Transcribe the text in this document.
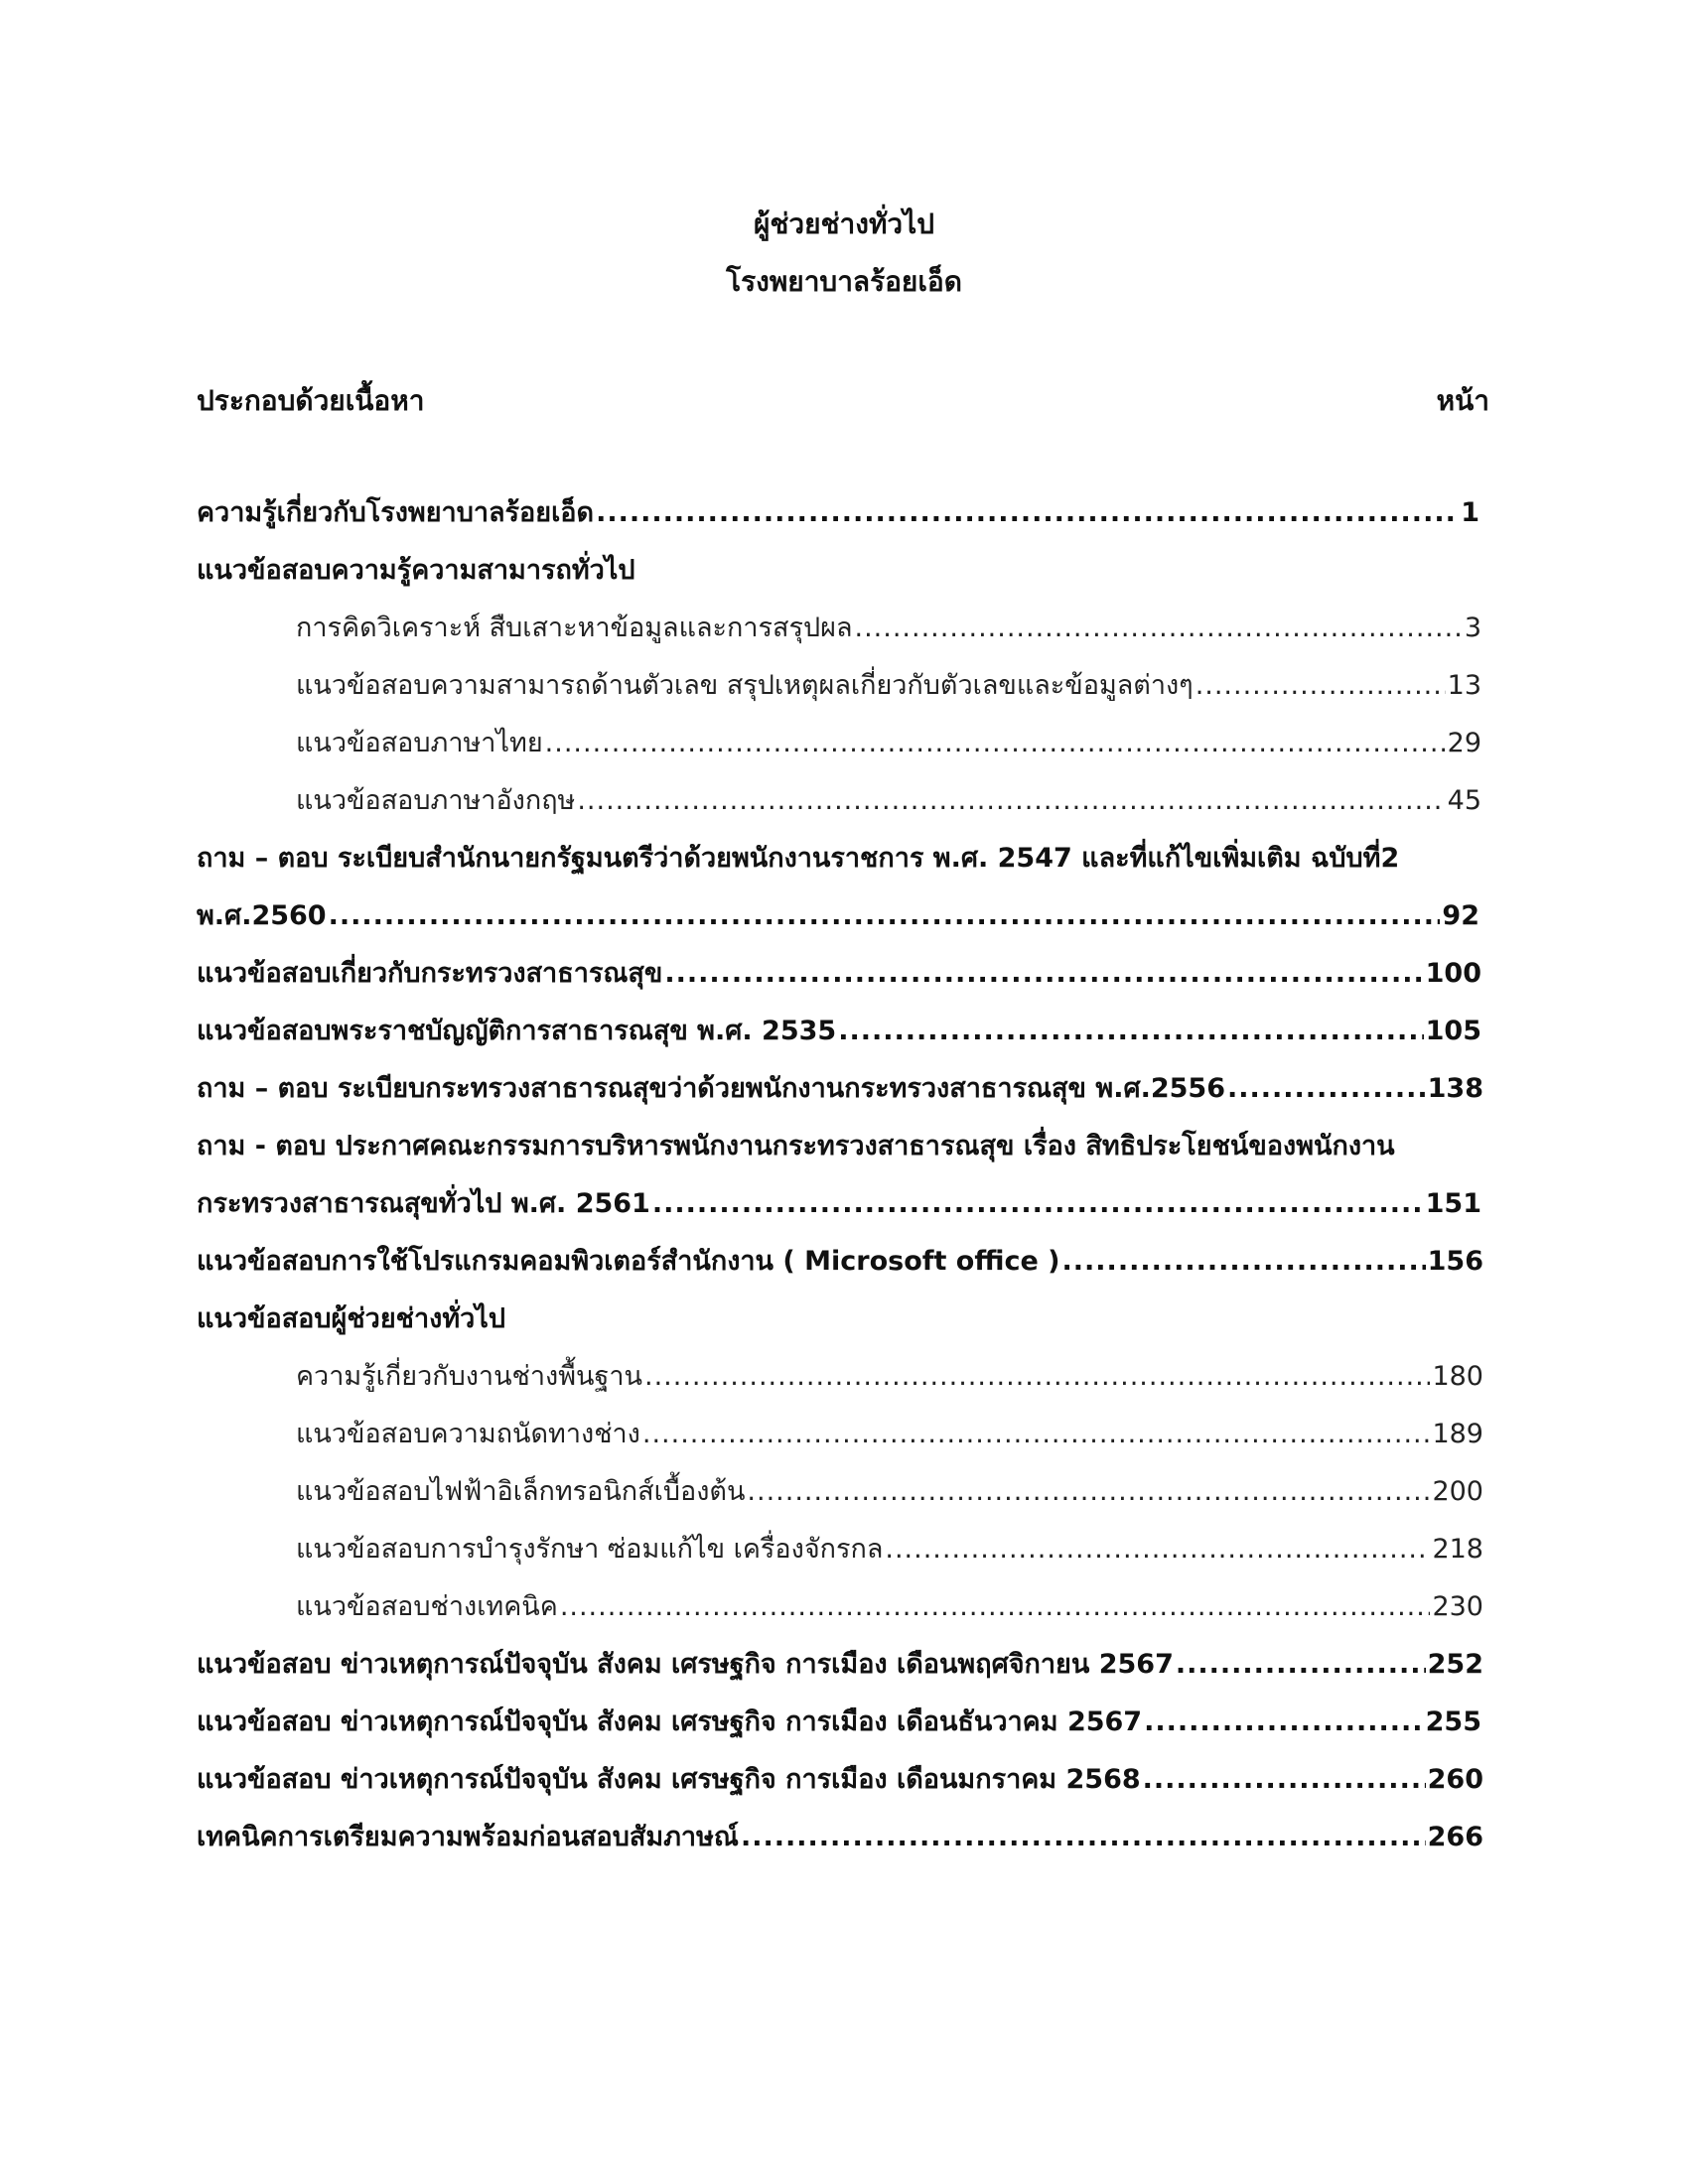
ผู้ช่วยช่างทั่วไป
โรงพยาบาลร้อยเอ็ด
ประกอบด้วยเนื้อหา	หน้า
ความรู้เกี่ยวกับโรงพยาบาลร้อยเอ็ด .....	1
แนวข้อสอบความรู้ความสามารถทั่วไป
การคิดวิเคราะห์ สืบเสาะหาข้อมูลและการสรุปผล .....	3
แนวข้อสอบความสามารถด้านตัวเลข สรุปเหตุผลเกี่ยวกับตัวเลขและข้อมูลต่างๆ .....	13
แนวข้อสอบภาษาไทย .....	29
แนวข้อสอบภาษาอังกฤษ .....	45
ถาม – ตอบ ระเบียบสำนักนายกรัฐมนตรีว่าด้วยพนักงานราชการ พ.ศ. 2547 และที่แก้ไขเพิ่มเติม ฉบับที่2
พ.ศ.2560 .....	92
แนวข้อสอบเกี่ยวกับกระทรวงสาธารณสุข .....	100
แนวข้อสอบพระราชบัญญัติการสาธารณสุข พ.ศ. 2535 .....	105
ถาม – ตอบ ระเบียบกระทรวงสาธารณสุขว่าด้วยพนักงานกระทรวงสาธารณสุข พ.ศ.2556 .....	138
ถาม - ตอบ ประกาศคณะกรรมการบริหารพนักงานกระทรวงสาธารณสุข เรื่อง สิทธิประโยชน์ของพนักงาน
กระทรวงสาธารณสุขทั่วไป พ.ศ. 2561 .....	151
แนวข้อสอบการใช้โปรแกรมคอมพิวเตอร์สำนักงาน ( Microsoft office ) .....	156
แนวข้อสอบผู้ช่วยช่างทั่วไป
ความรู้เกี่ยวกับงานช่างพื้นฐาน .....	180
แนวข้อสอบความถนัดทางช่าง .....	189
แนวข้อสอบไฟฟ้าอิเล็กทรอนิกส์เบื้องต้น .....	200
แนวข้อสอบการบำรุงรักษา ซ่อมแก้ไข เครื่องจักรกล .....	218
แนวข้อสอบช่างเทคนิค .....	230
แนวข้อสอบ ข่าวเหตุการณ์ปัจจุบัน สังคม เศรษฐกิจ การเมือง เดือนพฤศจิกายน 2567 .....	252
แนวข้อสอบ ข่าวเหตุการณ์ปัจจุบัน สังคม เศรษฐกิจ การเมือง เดือนธันวาคม 2567 .....	255
แนวข้อสอบ ข่าวเหตุการณ์ปัจจุบัน สังคม เศรษฐกิจ การเมือง เดือนมกราคม 2568 .....	260
เทคนิคการเตรียมความพร้อมก่อนสอบสัมภาษณ์ .....	266
